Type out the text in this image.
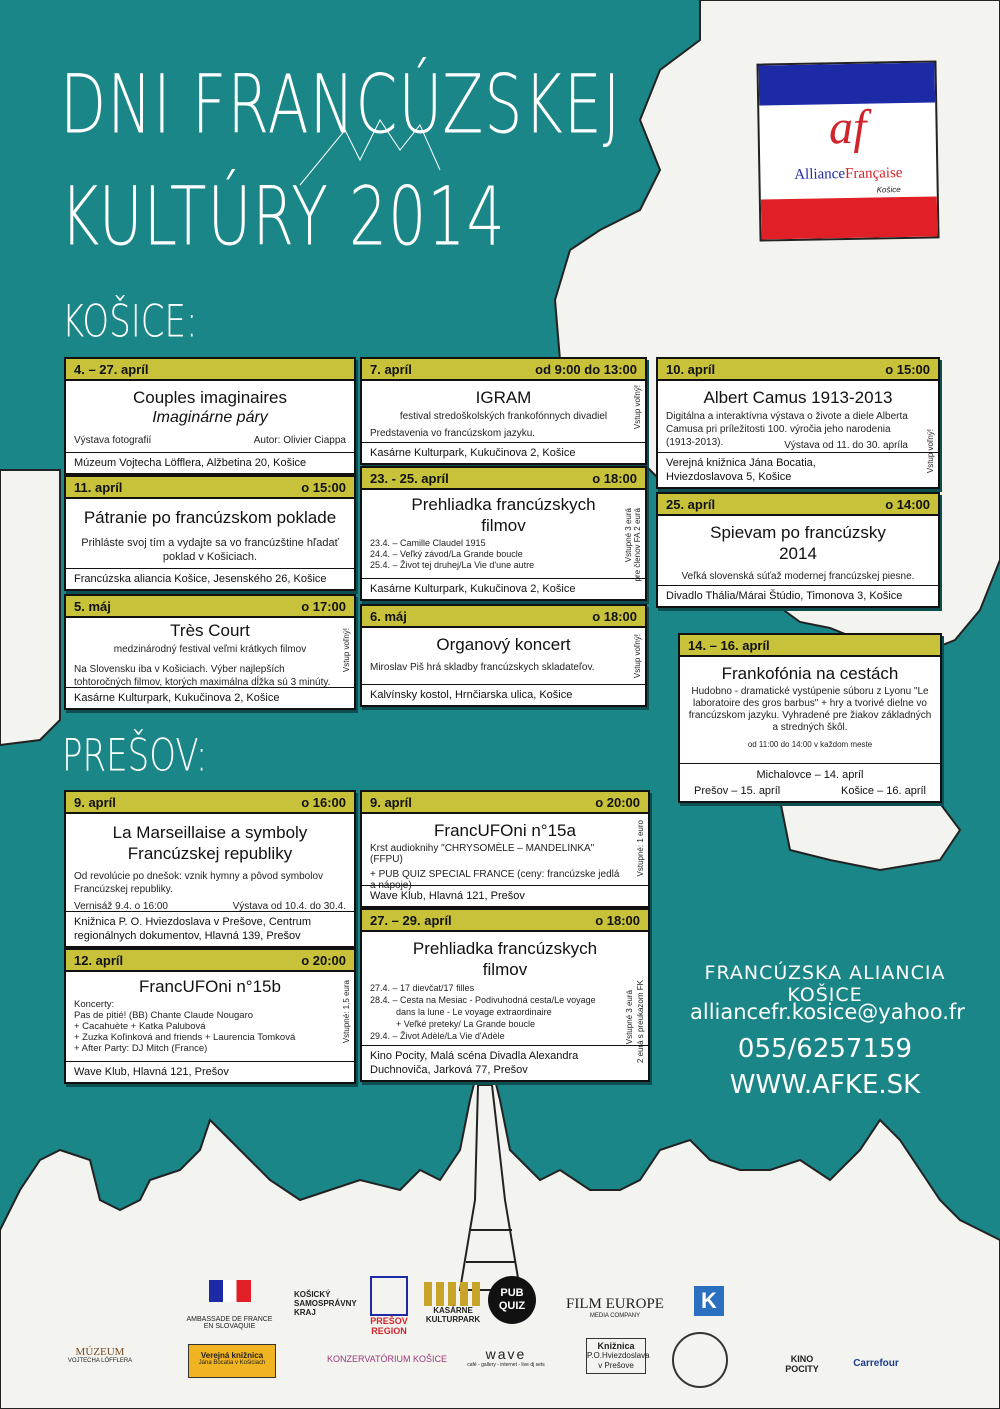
DNI FRANCÚZSKEJ
KULTÚRY 2014
af
AllianceFrançaise
Košice
KOŠICE:
4. – 27. apríl
Couples imaginaires
Imaginárne páry
Výstava fotografií	Autor: Olivier Ciappa
Múzeum Vojtecha Löfflera, Alžbetina 20, Košice
7. apríl	od 9:00 do 13:00
IGRAM
festival stredoškolských frankofónnych divadiel
Predstavenia vo francúzskom jazyku.
Vstup voľný!
Kasárne Kulturpark, Kukučinova 2, Košice
10. apríl	o 15:00
Albert Camus 1913-2013
Digitálna a interaktívna výstava o živote a diele Alberta Camusa pri príležitosti 100. výročia jeho narodenia (1913-2013).	Výstava od 11. do 30. apríla	Vstup voľný!
Verejná knižnica Jána Bocatia,
Hviezdoslavova 5, Košice
11. apríl	o 15:00
Pátranie po francúzskom poklade
Prihláste svoj tím a vydajte sa vo francúzštine hľadať poklad v Košiciach.
Francúzska aliancia Košice, Jesenského 26, Košice
23. - 25. apríl	o 18:00
Prehliadka francúzskych
filmov
23.4. – Camille Claudel 1915
24.4. – Veľký závod/La Grande boucle
25.4. – Život tej druhej/La Vie d'une autre
Vstupné 3 eurá pre členov FA 2 eurá
Kasárne Kulturpark, Kukučinova 2, Košice
25. apríl	o 14:00
Spievam po francúzsky
2014
Veľká slovenská súťaž modernej francúzskej piesne.
Divadlo Thália/Márai Štúdio, Timonova 3, Košice
5. máj	o 17:00
Très Court
medzinárodný festival veľmi krátkych filmov
Na Slovensku iba v Košiciach. Výber najlepších tohtoročných filmov, ktorých maximálna dĺžka sú 3 minúty.
Vstup voľný!
Kasárne Kulturpark, Kukučinova 2, Košice
6. máj	o 18:00
Organový koncert
Miroslav Piš hrá skladby francúzskych skladateľov.	Vstup voľný!
Kalvínsky kostol, Hrnčiarska ulica, Košice
14. – 16. apríl
Frankofónia na cestách
Hudobno - dramatické vystúpenie súboru z Lyonu "Le laboratoire des gros barbus" + hry a tvorivé dielne vo francúzskom jazyku. Vyhradené pre žiakov základných a stredných škôl.
od 11:00 do 14:00 v každom meste
Michalovce – 14. apríl
Prešov – 15. apríl	Košice – 16. apríl
PREŠOV:
9. apríl	o 16:00
La Marseillaise a symboly
Francúzskej republiky
Od revolúcie po dnešok: vznik hymny a pôvod symbolov Francúzskej republiky.
Vernisáž 9.4. o 16:00	Výstava od 10.4. do 30.4.
Knižnica P. O. Hviezdoslava v Prešove, Centrum regionálnych dokumentov, Hlavná 139, Prešov
9. apríl	o 20:00
FrancUFOni n°15a
Krst audioknihy "CHRYSOMÈLE – MANDELINKA" (FFPU)
+ PUB QUIZ SPECIAL FRANCE (ceny: francúzske jedlá a nápoje)
Vstupné: 1 euro
Wave Klub, Hlavná 121, Prešov
12. apríl	o 20:00
FrancUFOni n°15b
Koncerty:
Pas de pitié! (BB) Chante Claude Nougaro
+ Cacahuète + Katka Palubová
+ Zuzka Koľinková and friends + Laurencia Tomková
+ After Party: DJ Mitch (France)
Vstupné: 1,5 eura
Wave Klub, Hlavná 121, Prešov
27. – 29. apríl	o 18:00
Prehliadka francúzskych
filmov
27.4. – 17 dievčat/17 filles
28.4. – Cesta na Mesiac - Podivuhodná cesta/Le voyage
dans la lune - Le voyage extraordinaire
+ Veľké preteky/ La Grande boucle
29.4. – Život Adèle/La Vie d'Adèle	Vstupné 3 eurá 2 eurá s preukazom FK
Kino Pocity, Malá scéna Divadla Alexandra Duchnoviča, Jarková 77, Prešov
FRANCÚZSKA ALIANCIA KOŠICE
alliancefr.kosice@yahoo.fr
055/6257159
WWW.AFKE.SK
AMBASSADE DE FRANCE
EN SLOVAQUIE
KOŠICKÝ
SAMOSPRÁVNY
KRAJ
PREŠOV
REGION
KASÁRNE
KULTURPARK
PUB
QUIZ	FILM EUROPE
MEDIA COMPANY
K
MÚZEUM
VOJTECHA LÖFFLERA
Verejná knižnica
Jána Bocatia v Košiciach	KONZERVATÓRIUM KOŠICE	wave
café - gallery - internet - live dj sets
Knižnica
P.O.Hviezdoslava
v Prešove
KINO
POCITY	Carrefour
